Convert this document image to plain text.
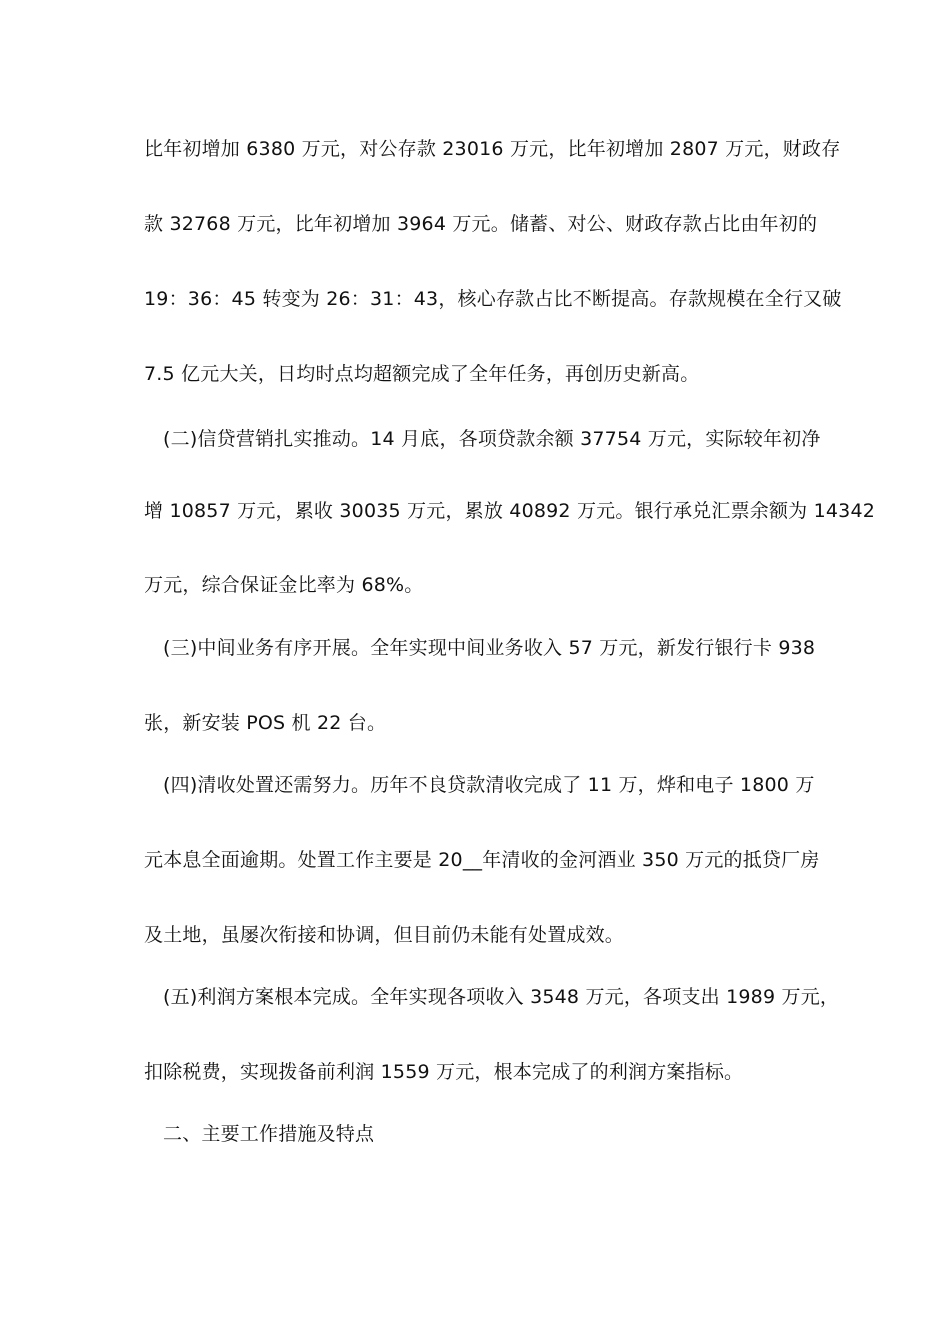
比年初增加 6380 万元，对公存款 23016 万元，比年初增加 2807 万元，财政存
款 32768 万元，比年初增加 3964 万元。储蓄、对公、财政存款占比由年初的
19：36：45 转变为 26：31：43，核心存款占比不断提高。存款规模在全行又破
7.5 亿元大关，日均时点均超额完成了全年任务，再创历史新高。
(二)信贷营销扎实推动。14 月底，各项贷款余额 37754 万元，实际较年初净
增 10857 万元，累收 30035 万元，累放 40892 万元。银行承兑汇票余额为 14342
万元，综合保证金比率为 68%。
(三)中间业务有序开展。全年实现中间业务收入 57 万元，新发行银行卡 938
张，新安装 POS 机 22 台。
(四)清收处置还需努力。历年不良贷款清收完成了 11 万，烨和电子 1800 万
元本息全面逾期。处置工作主要是 20__年清收的金河酒业 350 万元的抵贷厂房
及土地，虽屡次衔接和协调，但目前仍未能有处置成效。
(五)利润方案根本完成。全年实现各项收入 3548 万元，各项支出 1989 万元，
扣除税费，实现拨备前利润 1559 万元，根本完成了的利润方案指标。
二、主要工作措施及特点
